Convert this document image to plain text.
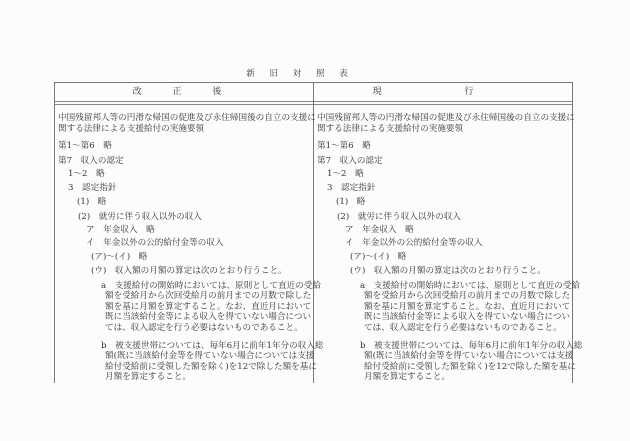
新 旧 対 照 表
改 正 後	現 行
中国残留邦人等の円滑な帰国の促進及び永住帰国後の自立の支援に
関する法律による支援給付の実施要領
第1～第6　略
第7　収入の認定
1～2　略
3　認定指針
(1)　略
(2)　就労に伴う収入以外の収入
ア　年金収入　略
イ　年金以外の公的給付金等の収入
(ア)～(イ)　略
(ウ)　収入額の月額の算定は次のとおり行うこと。
a　支援給付の開始時においては、原則として直近の受給
額を受給月から次回受給月の前月までの月数で除した
額を基に月額を算定すること。なお、直近月において
既に当該給付金等による収入を得ていない場合につい
ては、収入認定を行う必要はないものであること。
b　被支援世帯については、毎年6月に前年1年分の収入総
額(既に当該給付金等を得ていない場合については支援
給付受給前に受領した額を除く)を12で除した額を基に
月額を算定すること。
中国残留邦人等の円滑な帰国の促進及び永住帰国後の自立の支援に
関する法律による支援給付の実施要領
第1～第6　略
第7　収入の認定
1～2　略
3　認定指針
(1)　略
(2)　就労に伴う収入以外の収入
ア　年金収入　略
イ　年金以外の公的給付金等の収入
(ア)～(イ)　略
(ウ)　収入額の月額の算定は次のとおり行うこと。
a　支援給付の開始時においては、原則として直近の受給
額を受給月から次回受給月の前月までの月数で除した
額を基に月額を算定すること。なお、直近月において
既に当該給付金等による収入を得ていない場合につい
ては、収入認定を行う必要はないものであること。
b　被支援世帯については、毎年6月に前年1年分の収入総
額(既に当該給付金等を得ていない場合については支援
給付受給前に受領した額を除く)を12で除した額を基に
月額を算定すること。
